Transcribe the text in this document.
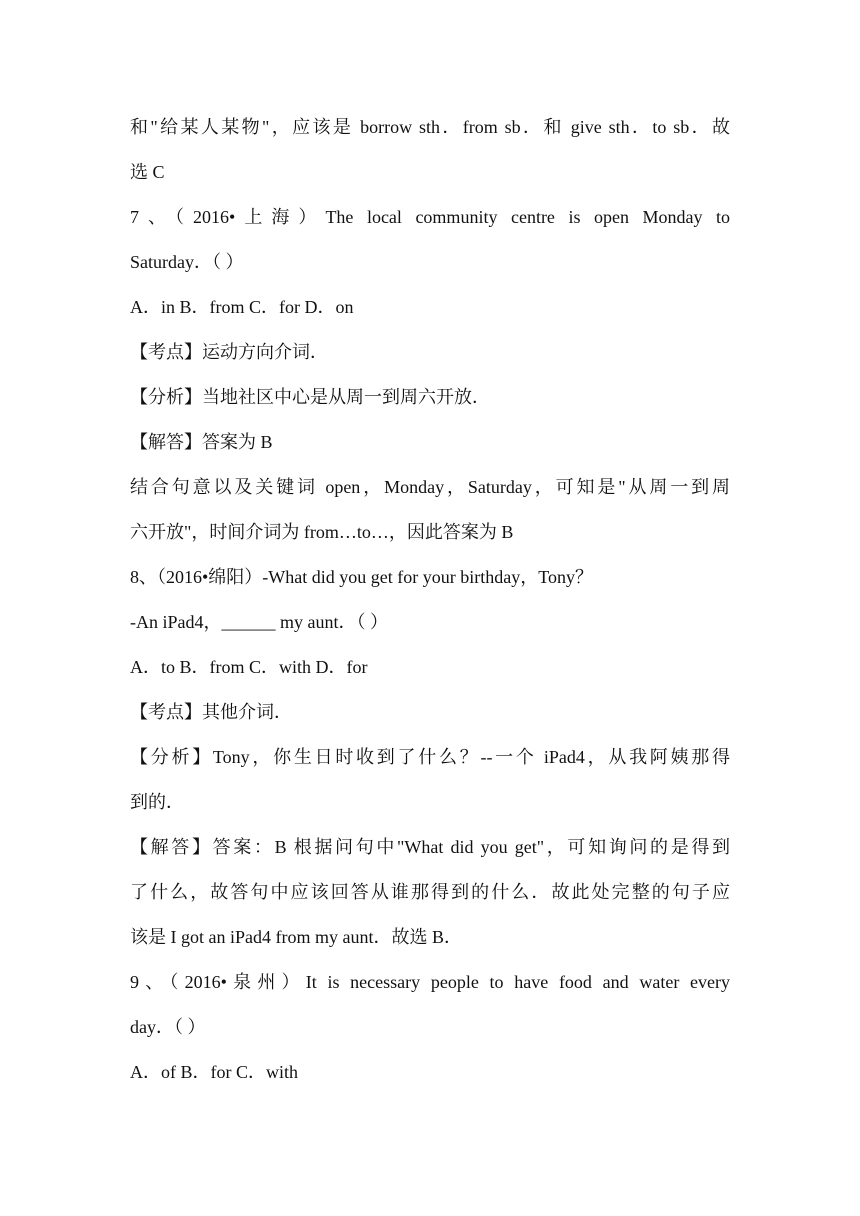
和"给某人某物"，应该是 borrow sth．from sb．和 give sth．to sb．故
选 C
7、（2016•上海）The local community centre is open Monday to
Saturday．（ ）
A．in B．from C．for D．on
【考点】运动方向介词．
【分析】当地社区中心是从周一到周六开放．
【解答】答案为 B
结合句意以及关键词 open，Monday，Saturday，可知是"从周一到周
六开放"，时间介词为 from…to…，因此答案为 B
8、（2016•绵阳）-What did you get for your birthday，Tony？
-An iPad4，______ my aunt．（ ）
A．to B．from C．with D．for
【考点】其他介词．
【分析】Tony，你生日时收到了什么？--一个 iPad4，从我阿姨那得
到的．
【解答】答案：B 根据问句中"What did you get"，可知询问的是得到
了什么，故答句中应该回答从谁那得到的什么．故此处完整的句子应
该是 I got an iPad4 from my aunt．故选 B．
9、（2016•泉州）It is necessary people to have food and water every
day．（ ）
A．of B．for C．with
